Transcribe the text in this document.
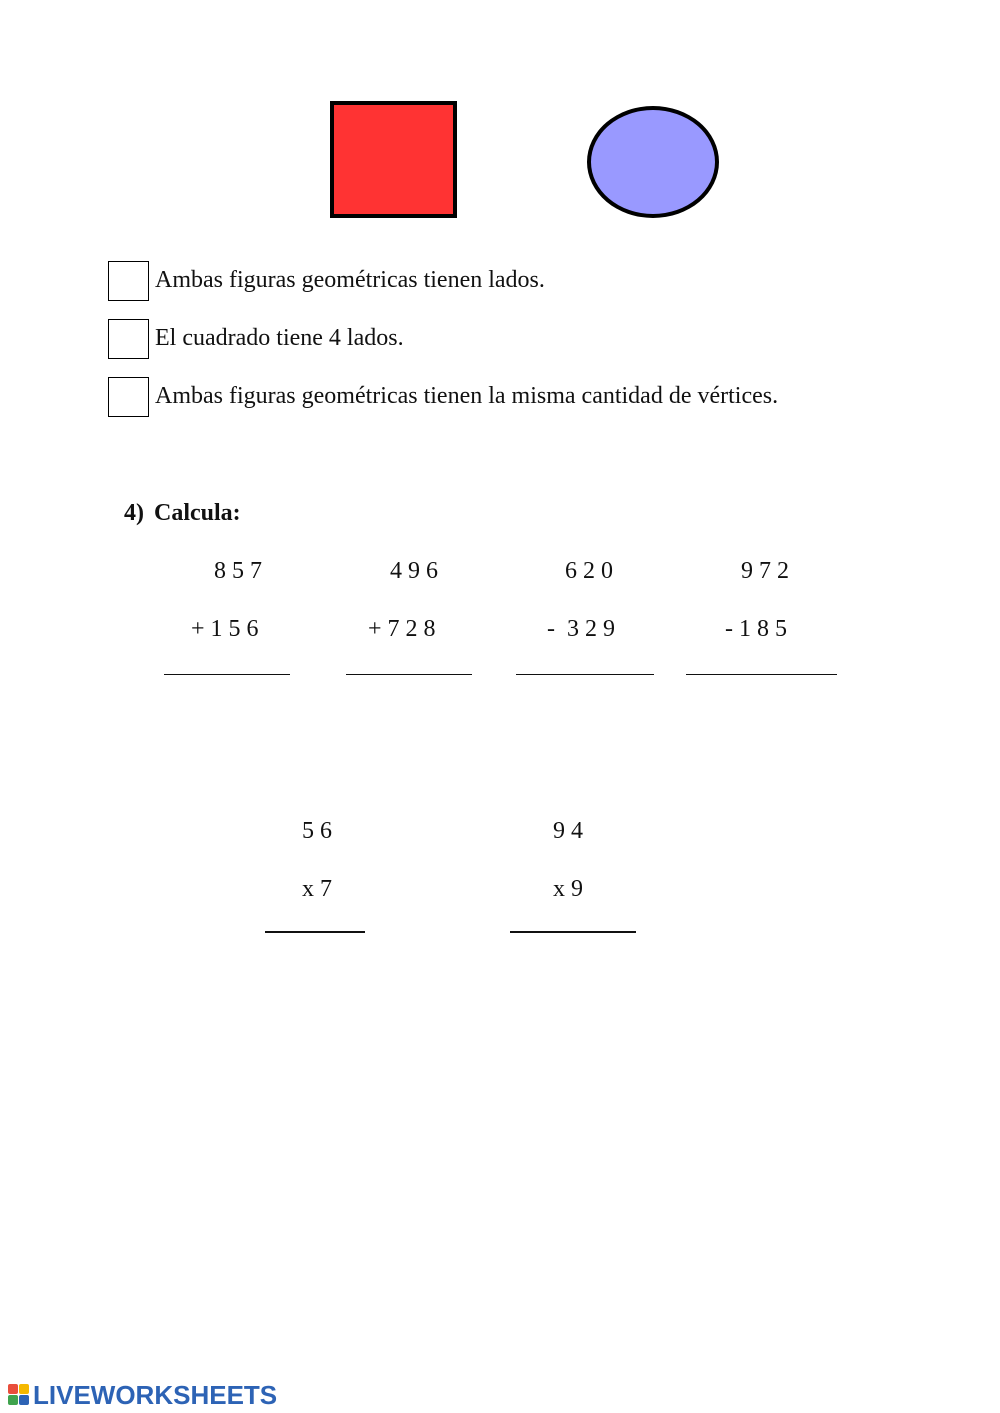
Ambas figuras geométricas tienen lados.
El cuadrado tiene 4 lados.
Ambas figuras geométricas tienen la misma cantidad de vértices.
4) Calcula:
8 5 7
+ 1 5 6
4 9 6
+ 7 2 8
6 2 0
-  3 2 9
9 7 2
- 1 8 5
5 6
x 7
9 4
x 9
LIVEWORKSHEETS
